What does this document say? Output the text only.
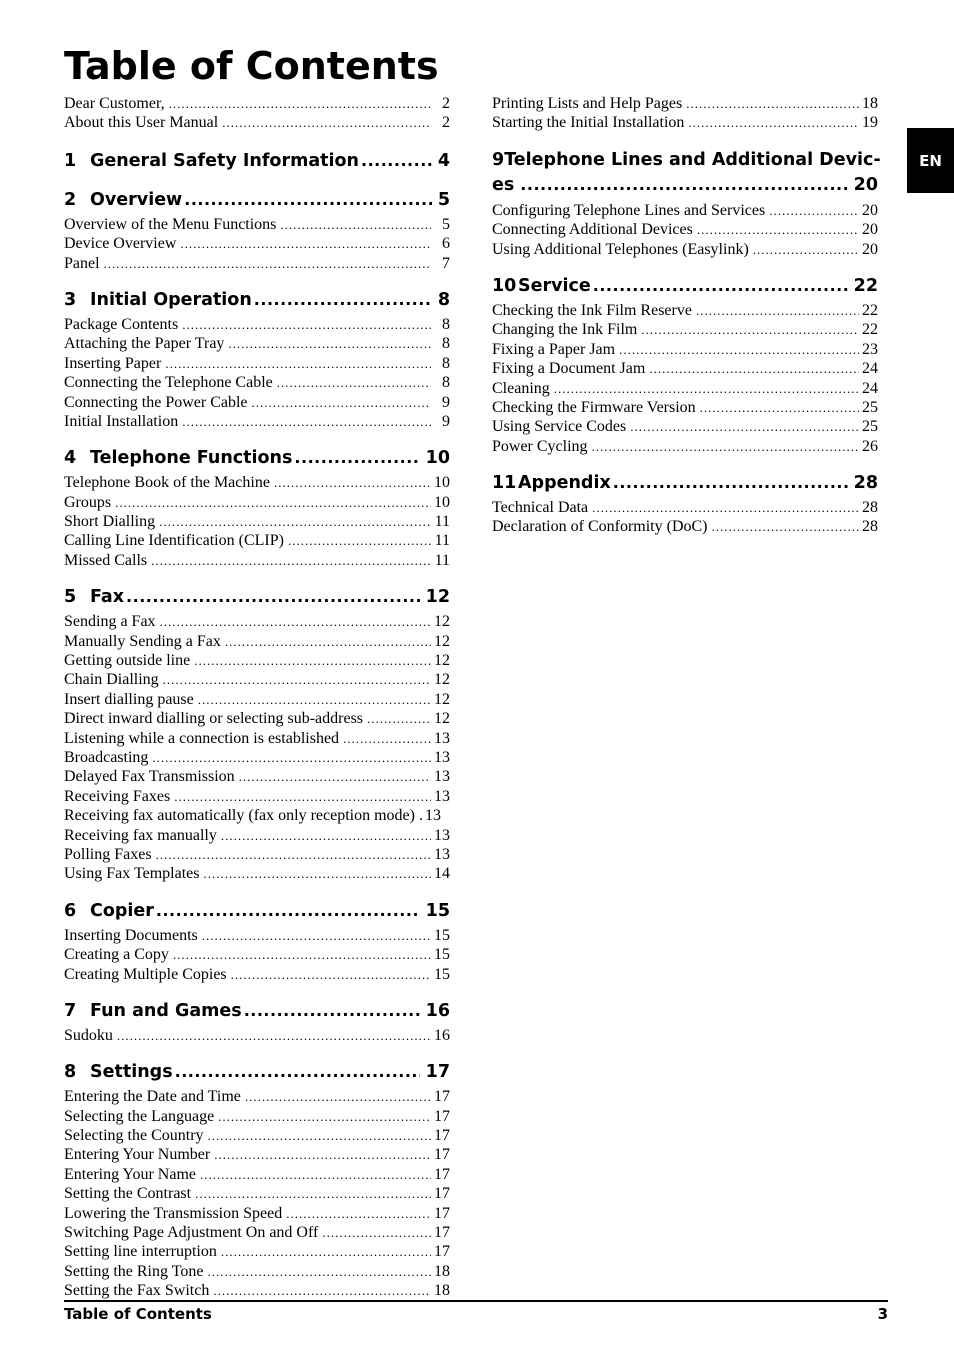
Table of Contents
Dear Customer, .....	2
About this User Manual .....	2
1 General Safety Information .....	4
2 Overview .....	5
Overview of the Menu Functions .....	5
Device Overview .....	6
Panel .....	7
3 Initial Operation .....	8
Package Contents .....	8
Attaching the Paper Tray .....	8
Inserting Paper .....	8
Connecting the Telephone Cable .....	8
Connecting the Power Cable .....	9
Initial Installation .....	9
4 Telephone Functions .....	10
Telephone Book of the Machine .....	10
Groups .....	10
Short Dialling .....	11
Calling Line Identification (CLIP) .....	11
Missed Calls .....	11
5 Fax .....	12
Sending a Fax .....	12
Manually Sending a Fax .....	12
Getting outside line .....	12
Chain Dialling .....	12
Insert dialling pause .....	12
Direct inward dialling or selecting sub-address .....	12
Listening while a connection is established .....	13
Broadcasting .....	13
Delayed Fax Transmission .....	13
Receiving Faxes .....	13
Receiving fax automatically (fax only reception mode) . 13
Receiving fax manually .....	13
Polling Faxes .....	13
Using Fax Templates .....	14
6 Copier .....	15
Inserting Documents .....	15
Creating a Copy .....	15
Creating Multiple Copies .....	15
7 Fun and Games .....	16
Sudoku .....	16
8 Settings .....	17
Entering the Date and Time .....	17
Selecting the Language .....	17
Selecting the Country .....	17
Entering Your Number .....	17
Entering Your Name .....	17
Setting the Contrast .....	17
Lowering the Transmission Speed .....	17
Switching Page Adjustment On and Off .....	17
Setting line interruption .....	17
Setting the Ring Tone .....	18
Setting the Fax Switch .....	18
Printing Lists and Help Pages .....	18
Starting the Initial Installation .....	19
9 Telephone Lines and Additional Devic-
es .....	20
Configuring Telephone Lines and Services .....	20
Connecting Additional Devices .....	20
Using Additional Telephones (Easylink) .....	20
10 Service .....	22
Checking the Ink Film Reserve .....	22
Changing the Ink Film .....	22
Fixing a Paper Jam .....	23
Fixing a Document Jam .....	24
Cleaning .....	24
Checking the Firmware Version .....	25
Using Service Codes .....	25
Power Cycling .....	26
11 Appendix .....	28
Technical Data .....	28
Declaration of Conformity (DoC) .....	28
EN
Table of Contents	3
